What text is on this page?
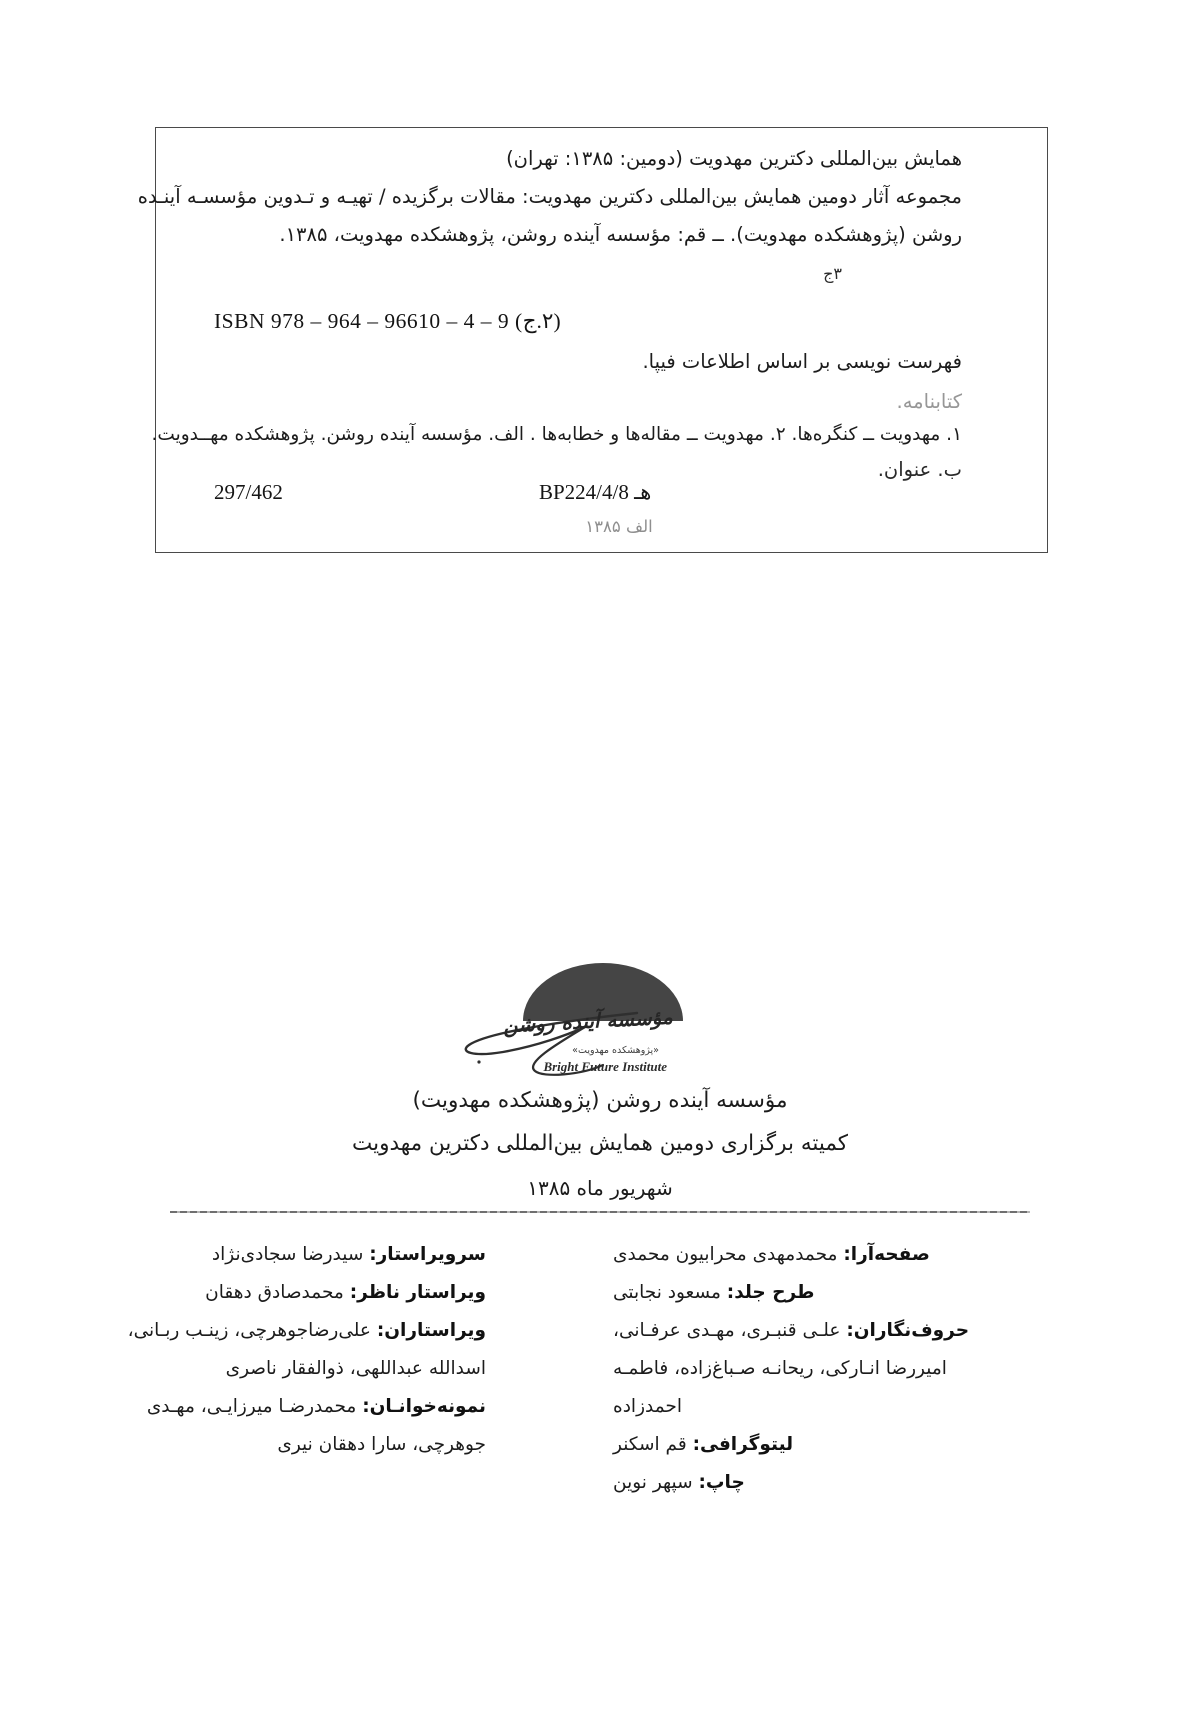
همایش بین‌المللی دکترین مهدویت (دومین: ۱۳۸۵: تهران)
مجموعه آثار دومین همایش بین‌المللی دکترین مهدویت: مقالات برگزیده / تهیـه و تـدوین مؤسسـه آینـده
روشن (پژوهشکده مهدویت). ــ قم: مؤسسه آینده روشن، پژوهشکده مهدویت، ۱۳۸۵.
۳ج
ISBN 978 – 964 – 96610 – 4 – 9 (ج.۲)
فهرست نویسی بر اساس اطلاعات فیپا.
کتابنامه.
۱. مهدویت ــ کنگره‌ها. ۲. مهدویت ــ مقاله‌ها و خطابه‌ها . الف. مؤسسه آینده روشن. پژوهشکده مهــدویت.
ب. عنوان.
297/462	BP224/4/هـ 8
الف ۱۳۸۵
مؤسسه آینده روشن
«پژوهشکده مهدویت»
Bright Future Institute
مؤسسه آینده روشن (پژوهشکده مهدویت)
کمیته برگزاری دومین همایش بین‌المللی دکترین مهدویت
شهریور ماه ۱۳۸۵
سرویراستار: سیدرضا سجادی‌نژاد
ویراستار ناظر: محمدصادق دهقان
ویراستاران: علی‌رضاجوهرچی، زینـب ربـانی،
اسدالله عبداللهی، ذوالفقار ناصری
نمونه‌خوانـان: محمدرضـا میرزایـی، مهـدی
جوهرچی، سارا دهقان نیری
صفحه‌آرا: محمدمهدی محرابیون محمدی
طرح جلد: مسعود نجابتی
حروف‌نگاران: علـی قنبـری، مهـدی عرفـانی،
امیررضا انـارکی، ریحانـه صـباغ‌زاده، فاطمـه
احمدزاده
لیتوگرافی: قم اسکنر
چاپ: سپهر نوین
